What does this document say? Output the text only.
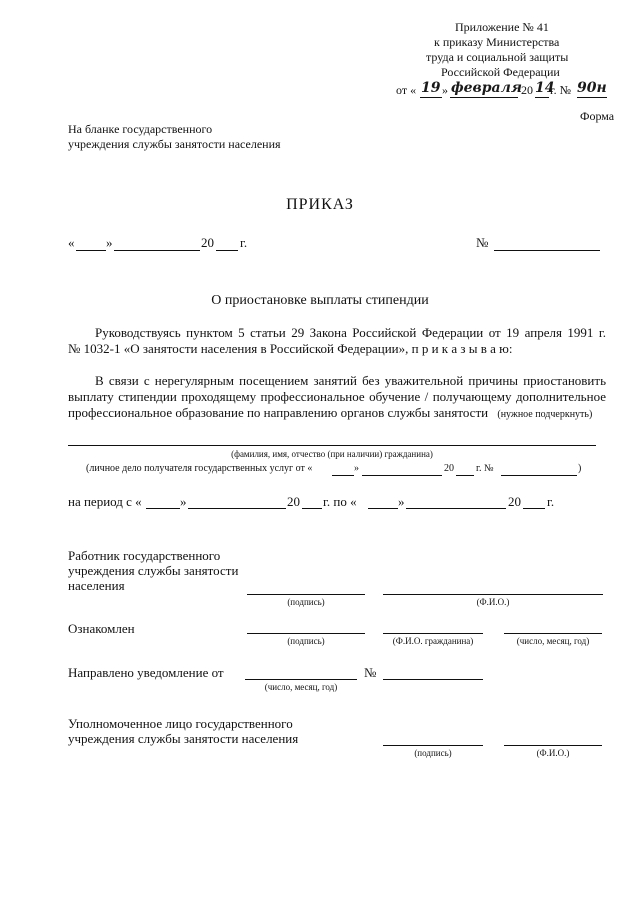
Приложение № 41
к приказу Министерства
труда и социальной защиты
Российской Федерации
от « 19 » февраля 20 14
г. № 90н
Форма
На бланке государственного
учреждения службы занятости населения
ПРИКАЗ
« »	20 г.	№
О приостановке выплаты стипендии
Руководствуясь пунктом 5 статьи 29 Закона Российской Федерации от 19 апреля 1991 г.
№ 1032-1 «О занятости населения в Российской Федерации», п р и к а з ы в а ю:
В связи с нерегулярным посещением занятий без уважительной причины приостановить
выплату стипендии проходящему профессиональное обучение / получающему дополнительное
профессиональное образование по направлению органов службы занятости (нужное подчеркнуть)
(фамилия, имя, отчество (при наличии) гражданина)
(личное дело получателя государственных услуг от «	»	20 г. №	)
на период с «	»	20 г. по «	»	20 г.
Работник государственного
учреждения службы занятости
населения
(подпись)	(Ф.И.О.)
Ознакомлен
(подпись)	(Ф.И.О. гражданина)	(число, месяц, год)
Направлено уведомление от
(число, месяц, год)
№
Уполномоченное лицо государственного
учреждения службы занятости населения
(подпись)	(Ф.И.О.)
